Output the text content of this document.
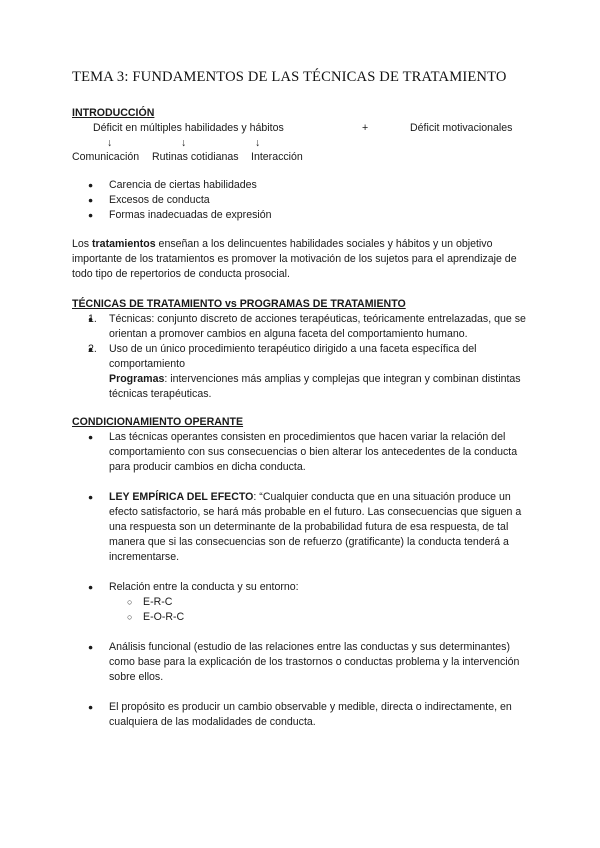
TEMA 3: FUNDAMENTOS DE LAS TÉCNICAS DE TRATAMIENTO
INTRODUCCIÓN
Déficit en múltiples habilidades y hábitos	+	Déficit motivacionales
↓	↓	↓
Comunicación Rutinas cotidianas Interacción
● Carencia de ciertas habilidades
● Excesos de conducta
● Formas inadecuadas de expresión

Los tratamientos enseñan a los delincuentes habilidades sociales y hábitos y un objetivo importante de los tratamientos es promover la motivación de los sujetos para el aprendizaje de todo tipo de repertorios de conducta prosocial.

TÉCNICAS DE TRATAMIENTO vs PROGRAMAS DE TRATAMIENTO
● 1. Técnicas: conjunto discreto de acciones terapéuticas, teóricamente entrelazadas, que se orientan a promover cambios en alguna faceta del comportamiento humano.
● 2. Uso de un único procedimiento terapéutico dirigido a una faceta específica del comportamiento
Programas: intervenciones más amplias y complejas que integran y combinan distintas técnicas terapéuticas.
CONDICIONAMIENTO OPERANTE
● Las técnicas operantes consisten en procedimientos que hacen variar la relación del comportamiento con sus consecuencias o bien alterar los antecedentes de la conducta para producir cambios en dicha conducta.
● LEY EMPÍRICA DEL EFECTO: “Cualquier conducta que en una situación produce un efecto satisfactorio, se hará más probable en el futuro. Las consecuencias que siguen a una respuesta son un determinante de la probabilidad futura de esa respuesta, de tal manera que si las consecuencias son de refuerzo (gratificante) la conducta tenderá a incrementarse.
● Relación entre la conducta y su entorno:
○ E-R-C
○ E-O-R-C
● Análisis funcional (estudio de las relaciones entre las conductas y sus determinantes) como base para la explicación de los trastornos o conductas problema y la intervención sobre ellos.
● El propósito es producir un cambio observable y medible, directa o indirectamente, en cualquiera de las modalidades de conducta.
